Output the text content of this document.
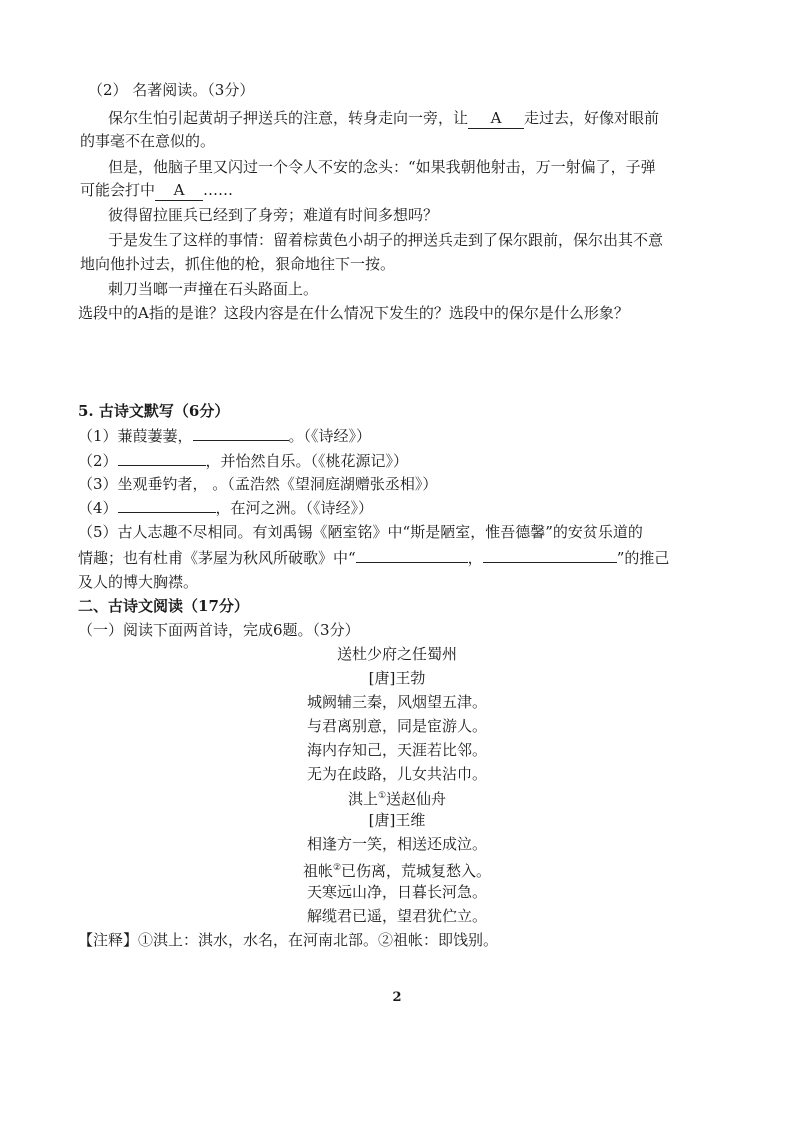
（2） 名著阅读。（3分）
保尔生怕引起黄胡子押送兵的注意，转身走向一旁，让 A 走过去，好像对眼前
的事毫不在意似的。
但是，他脑子里又闪过一个令人不安的念头：“如果我朝他射击，万一射偏了，子弹
可能会打中 A ……
彼得留拉匪兵已经到了身旁；难道有时间多想吗？
于是发生了这样的事情：留着棕黄色小胡子的押送兵走到了保尔跟前，保尔出其不意
地向他扑过去，抓住他的枪，狠命地往下一按。
刺刀当啷一声撞在石头路面上。
选段中的A指的是谁？这段内容是在什么情况下发生的？选段中的保尔是什么形象？
5. 古诗文默写（6分）
（1）蒹葭萋萋，	。（《诗经》）
（2）	，并怡然自乐。（《桃花源记》）
（3）坐观垂钓者， 。（孟浩然《望洞庭湖赠张丞相》）
（4）	，在河之洲。（《诗经》）
（5）古人志趣不尽相同。有刘禹锡《陋室铭》中“斯是陋室，惟吾德馨”的安贫乐道的
情趣；也有杜甫《茅屋为秋风所破歌》中“	，	”的推己
及人的博大胸襟。
二、古诗文阅读（17分）
（一）阅读下面两首诗，完成6题。（3分）
送杜少府之任蜀州
[唐]王勃
城阙辅三秦，风烟望五津。
与君离别意，同是宦游人。
海内存知己，天涯若比邻。
无为在歧路，儿女共沾巾。
淇上①送赵仙舟
[唐]王维
相逢方一笑，相送还成泣。
祖帐②已伤离，荒城复愁入。
天寒远山净，日暮长河急。
解缆君已遥，望君犹伫立。
【注释】①淇上：淇水，水名，在河南北部。②祖帐：即饯别。
2
